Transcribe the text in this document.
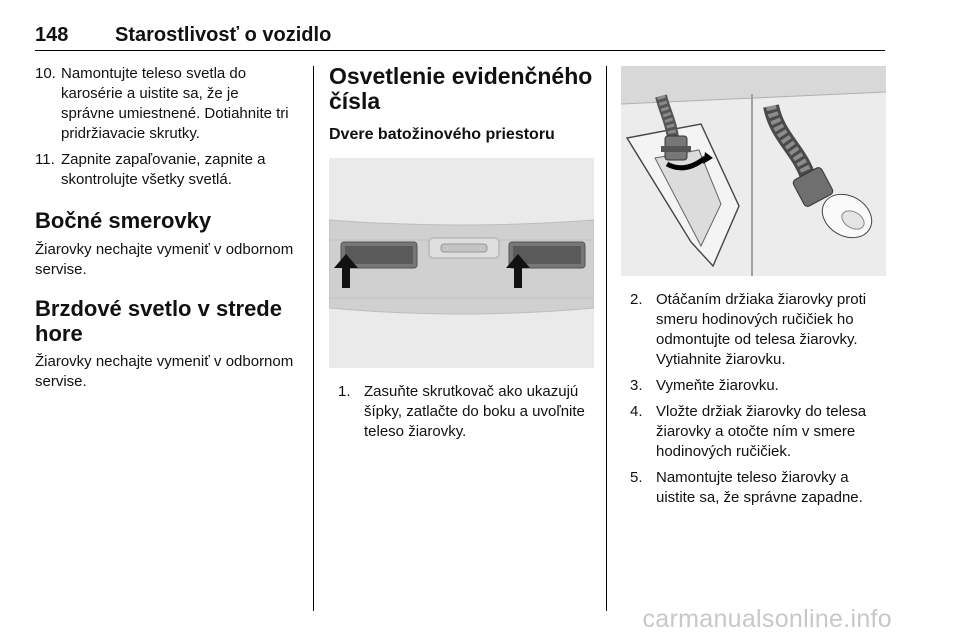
148 Starostlivosť o vozidlo
10. Namontujte teleso svetla do karosérie a uistite sa, že je správne umiestnené. Dotiahnite tri pridržiavacie skrutky.
11. Zapnite zapaľovanie, zapnite a skontrolujte všetky svetlá.
Bočné smerovky
Žiarovky nechajte vymeniť v odbornom servise.
Brzdové svetlo v strede hore
Žiarovky nechajte vymeniť v odbornom servise.
Osvetlenie evidenčného čísla
Dvere batožinového priestoru
1. Zasuňte skrutkovač ako ukazujú šípky, zatlačte do boku a uvoľnite teleso žiarovky.
2. Otáčaním držiaka žiarovky proti smeru hodinových ručičiek ho odmontujte od telesa žiarovky. Vytiahnite žiarovku.
3. Vymeňte žiarovku.
4. Vložte držiak žiarovky do telesa žiarovky a otočte ním v smere hodinových ručičiek.
5. Namontujte teleso žiarovky a uistite sa, že správne zapadne.
carmanualsonline.info
